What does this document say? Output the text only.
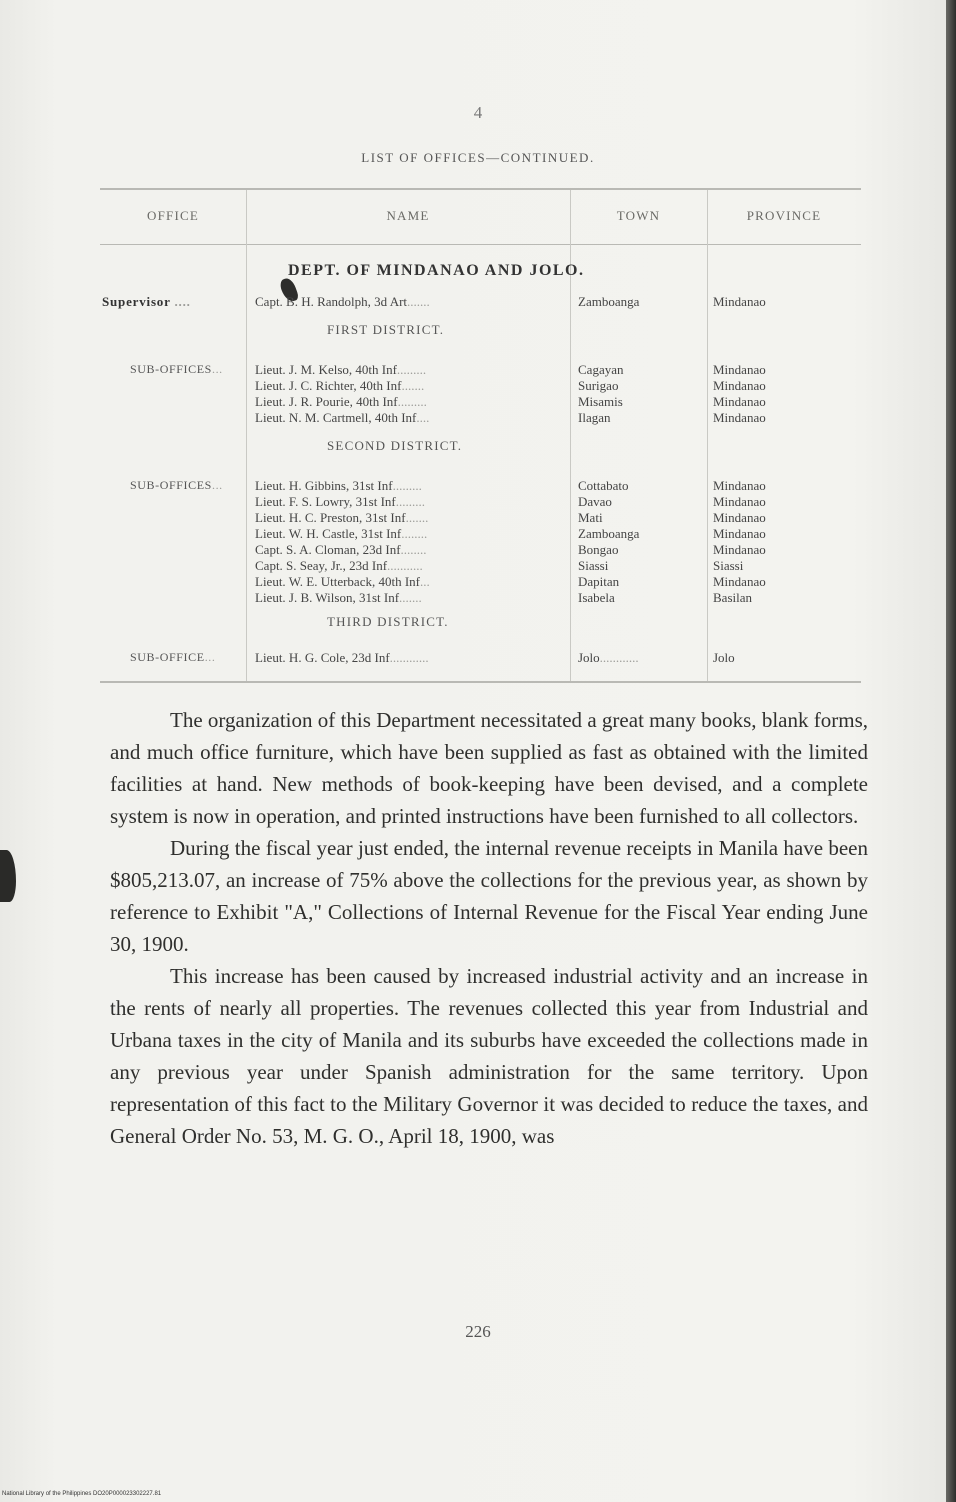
4
LIST OF OFFICES—CONTINUED.
OFFICE	NAME	TOWN	PROVINCE
DEPT. OF MINDANAO AND JOLO.
Supervisor ....	Capt. B. H. Randolph, 3d Art.......	Zamboanga	Mindanao
FIRST DISTRICT.
SUB-OFFICES... Lieut. J. M. Kelso, 40th Inf.........	Cagayan	Mindanao
Lieut. J. C. Richter, 40th Inf.......	Surigao	Mindanao
Lieut. J. R. Pourie, 40th Inf.........	Misamis	Mindanao
Lieut. N. M. Cartmell, 40th Inf....	Ilagan	Mindanao
SECOND DISTRICT.
SUB-OFFICES... Lieut. H. Gibbins, 31st Inf.........	Cottabato	Mindanao
Lieut. F. S. Lowry, 31st Inf.........	Davao	Mindanao
Lieut. H. C. Preston, 31st Inf.......	Mati	Mindanao
Lieut. W. H. Castle, 31st Inf........	Zamboanga	Mindanao
Capt. S. A. Cloman, 23d Inf........	Bongao	Mindanao
Capt. S. Seay, Jr., 23d Inf...........	Siassi	Siassi
Lieut. W. E. Utterback, 40th Inf...	Dapitan	Mindanao
Lieut. J. B. Wilson, 31st Inf.......	Isabela	Basilan
THIRD DISTRICT.
SUB-OFFICE...	Lieut. H. G. Cole, 23d Inf............	Jolo............	Jolo

The organization of this Department necessitated a great many books, blank forms, and much office furniture, which have been supplied as fast as obtained with the limited facilities at hand. New methods of book-keeping have been devised, and a complete system is now in operation, and printed instructions have been furnished to all collectors.

During the fiscal year just ended, the internal revenue receipts in Manila have been $805,213.07, an increase of 75% above the collections for the previous year, as shown by reference to Exhibit "A," Collections of Internal Revenue for the Fiscal Year ending June 30, 1900.

This increase has been caused by increased industrial activity and an increase in the rents of nearly all properties. The revenues collected this year from Industrial and Urbana taxes in the city of Manila and its suburbs have exceeded the collections made in any previous year under Spanish administration for the same territory. Upon representation of this fact to the Military Governor it was decided to reduce the taxes, and General Order No. 53, M. G. O., April 18, 1900, was

226
National Library of the Philippines DO20P000023302227.81
